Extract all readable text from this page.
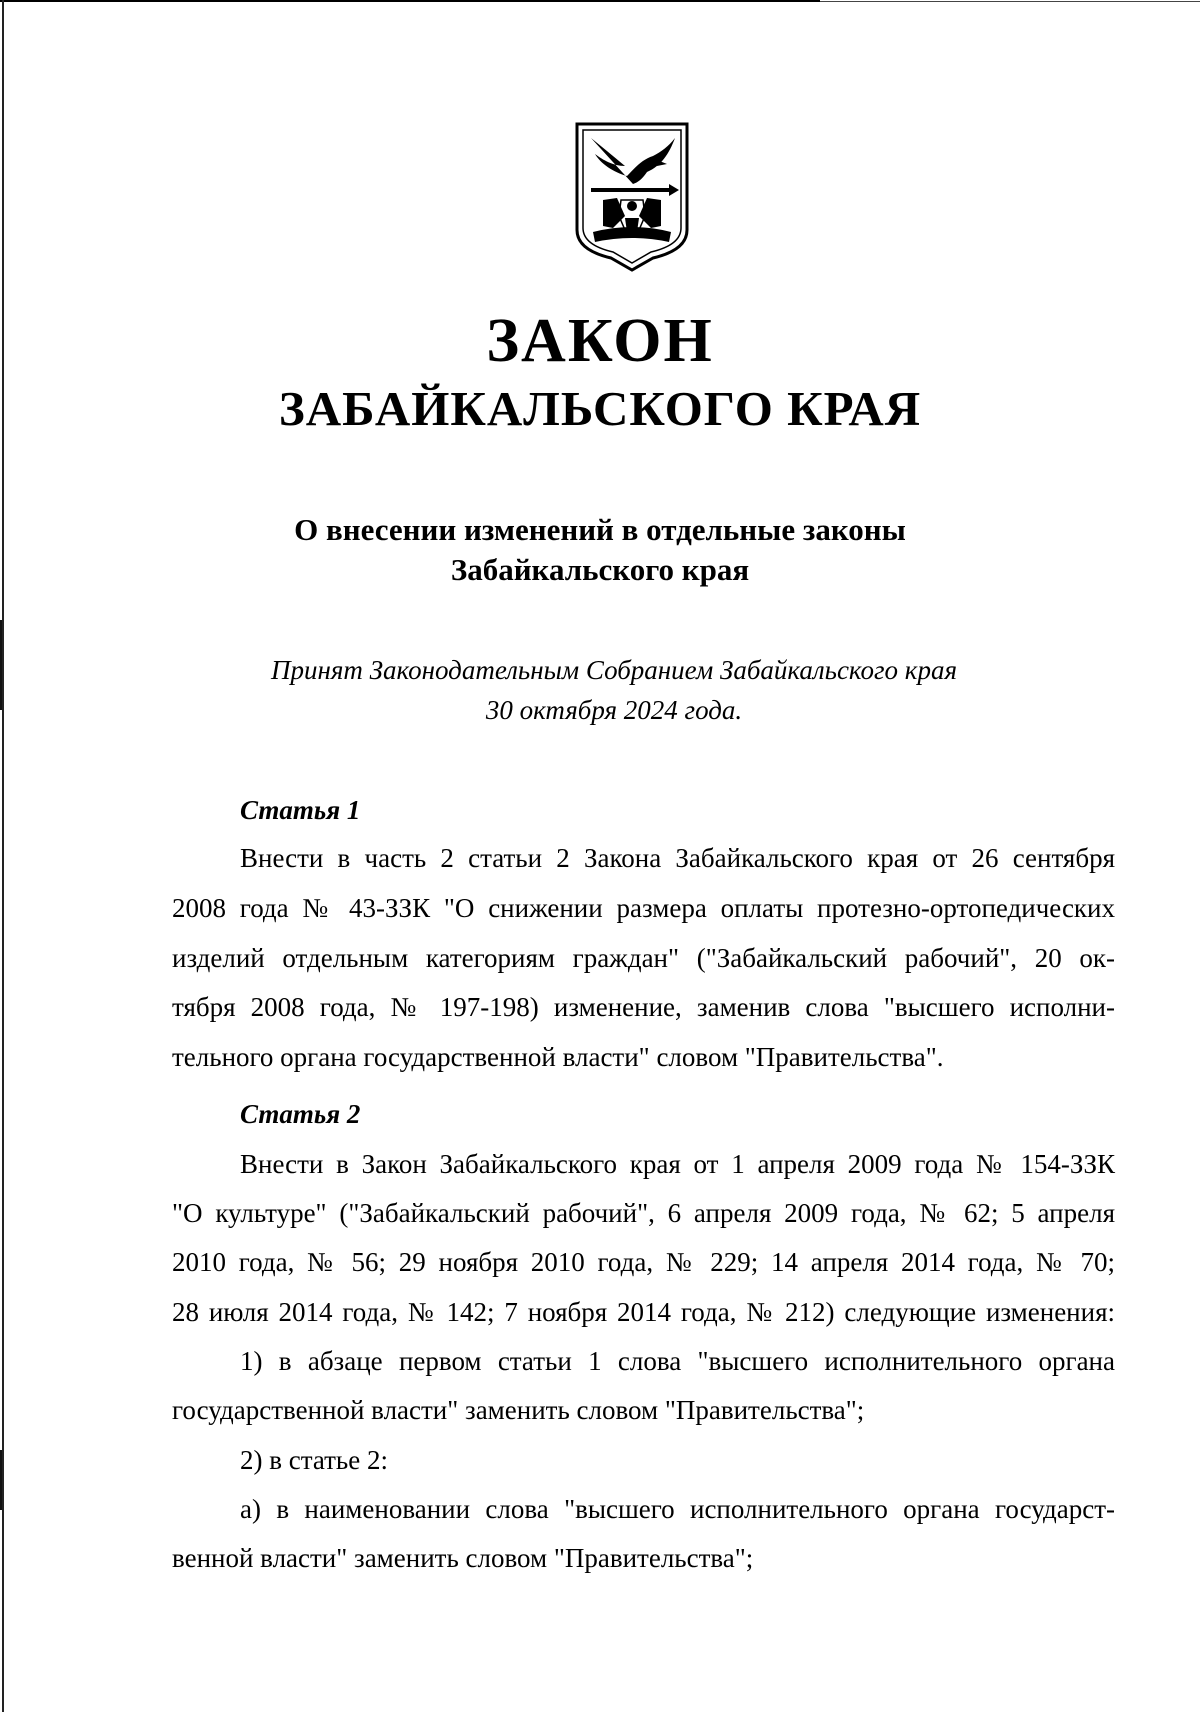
ЗАКОН
ЗАБАЙКАЛЬСКОГО КРАЯ
О внесении изменений в отдельные законы
Забайкальского края
Принят Законодательным Собранием Забайкальского края
30 октября 2024 года.
Статья 1
Внести в часть 2 статьи 2 Закона Забайкальского края от 26 сентября
2008 года № 43-ЗЗК "О снижении размера оплаты протезно-ортопедических
изделий отдельным категориям граждан" ("Забайкальский рабочий", 20 ок-
тября 2008 года, № 197-198) изменение, заменив слова "высшего исполни-
тельного органа государственной власти" словом "Правительства".
Статья 2
Внести в Закон Забайкальского края от 1 апреля 2009 года № 154-ЗЗК
"О культуре" ("Забайкальский рабочий", 6 апреля 2009 года, № 62; 5 апреля
2010 года, № 56; 29 ноября 2010 года, № 229; 14 апреля 2014 года, № 70;
28 июля 2014 года, № 142; 7 ноября 2014 года, № 212) следующие изменения:
1) в абзаце первом статьи 1 слова "высшего исполнительного органа
государственной власти" заменить словом "Правительства";
2) в статье 2:
а) в наименовании слова "высшего исполнительного органа государст-
венной власти" заменить словом "Правительства";
